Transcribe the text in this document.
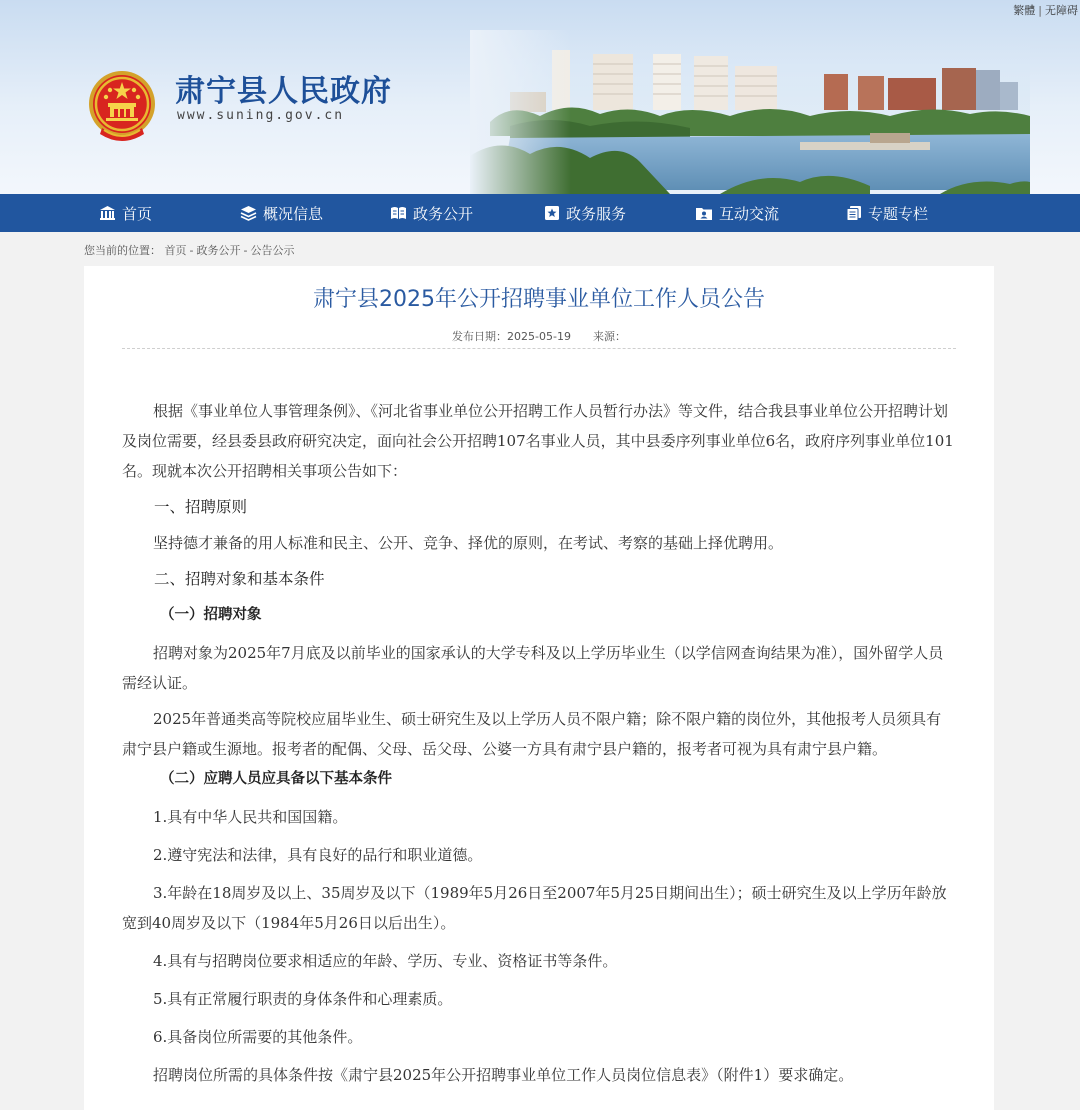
繁體 | 无障碍
肃宁县人民政府
www.suning.gov.cn
首页	概况信息	政务公开	政务服务	互动交流	专题专栏
您当前的位置： 首页 - 政务公开 - 公告公示
肃宁县2025年公开招聘事业单位工作人员公告
发布日期：2025-05-19 来源：
根据《事业单位人事管理条例》、《河北省事业单位公开招聘工作人员暂行办法》等文件，结合我县事业单位公开招聘计划及岗位需要，经县委县政府研究决定，面向社会公开招聘107名事业人员，其中县委序列事业单位6名，政府序列事业单位101名。现就本次公开招聘相关事项公告如下：
一、招聘原则
坚持德才兼备的用人标准和民主、公开、竞争、择优的原则，在考试、考察的基础上择优聘用。
二、招聘对象和基本条件
（一）招聘对象
招聘对象为2025年7月底及以前毕业的国家承认的大学专科及以上学历毕业生（以学信网查询结果为准），国外留学人员需经认证。
2025年普通类高等院校应届毕业生、硕士研究生及以上学历人员不限户籍；除不限户籍的岗位外，其他报考人员须具有肃宁县户籍或生源地。报考者的配偶、父母、岳父母、公婆一方具有肃宁县户籍的，报考者可视为具有肃宁县户籍。
（二）应聘人员应具备以下基本条件
1.具有中华人民共和国国籍。
2.遵守宪法和法律，具有良好的品行和职业道德。
3.年龄在18周岁及以上、35周岁及以下（1989年5月26日至2007年5月25日期间出生）；硕士研究生及以上学历年龄放宽到40周岁及以下（1984年5月26日以后出生）。
4.具有与招聘岗位要求相适应的年龄、学历、专业、资格证书等条件。
5.具有正常履行职责的身体条件和心理素质。
6.具备岗位所需要的其他条件。
招聘岗位所需的具体条件按《肃宁县2025年公开招聘事业单位工作人员岗位信息表》（附件1）要求确定。
